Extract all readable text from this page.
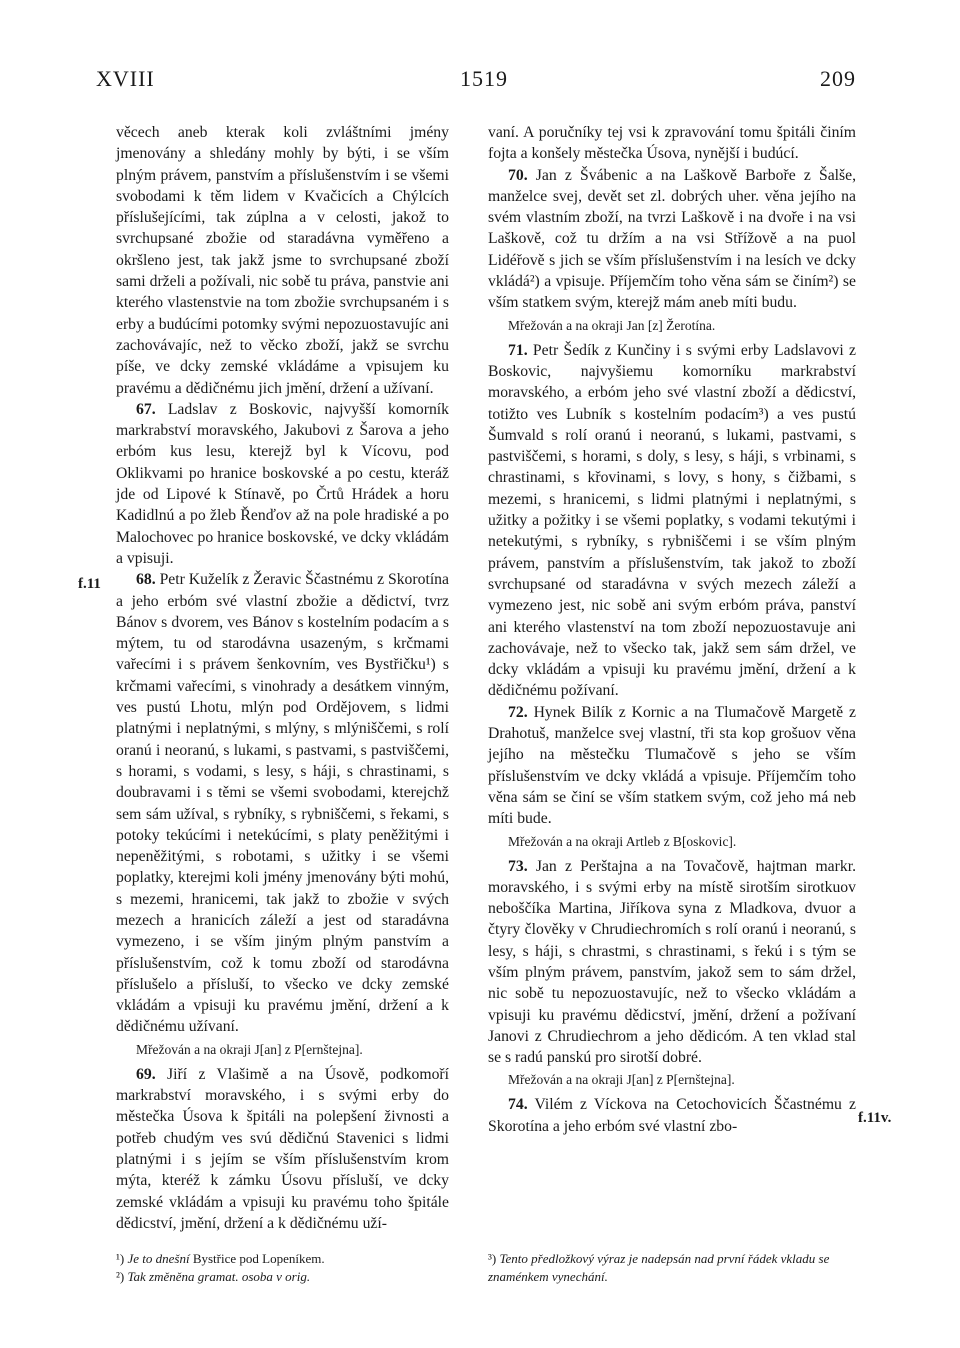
XVIII	1519	209
f.11
f.11v.

věcech aneb kterak koli zvláštními jmény jmenovány a shledány mohly by býti, i se vším plným právem, panstvím a příslušenstvím i se všemi svobodami k těm lidem v Kvačicích a Chýlcích příslušejícími, tak zúplna a v celosti, jakož to svrchupsané zbožie od staradávna vyměřeno a okršleno jest, tak jakž jsme to svrchupsané zboží sami drželi a požívali, nic sobě tu práva, panstvie ani kterého vlastenstvie na tom zbožie svrchupsaném i s erby a budúcími potomky svými nepozuostavujíc ani zachovávajíc, než to věcko zboží, jakž se svrchu píše, ve dcky zemské vkládáme a vpisujem ku pravému a dědičnému jich jmění, držení a užívaní.

67. Ladslav z Boskovic, najvyšší komorník markrabství moravského, Jakubovi z Šarova a jeho erbóm kus lesu, kterejž byl k Vícovu, pod Oklikvami po hranice boskovské a po cestu, kteráž jde od Lipové k Stínavě, po Črtů Hrádek a horu Kadidlnú a po žleb Řenďov až na pole hradiské a po Malochovec po hranice boskovské, ve dcky vkládám a vpisuji.

68. Petr Kuželík z Žeravic Ščastnému z Skorotína a jeho erbóm své vlastní zbožie a dědictví, tvrz Bánov s dvorem, ves Bánov s kostelním podacím a s mýtem, tu od starodávna usazeným, s krčmami vařecími i s právem šenkovním, ves Bystřičku¹) s krčmami vařecími, s vinohrady a desátkem vinným, ves pustú Lhotu, mlýn pod Ordějovem, s lidmi platnými i neplatnými, s mlýny, s mlýniščemi, s rolí oranú i neoranú, s lukami, s pastvami, s pastviščemi, s horami, s vodami, s lesy, s háji, s chrastinami, s doubravami i s těmi se všemi svobodami, kterejchž sem sám užíval, s rybníky, s rybniščemi, s řekami, s potoky tekúcími i netekúcími, s platy peněžitými i nepeněžitými, s robotami, s užitky i se všemi poplatky, kterejmi koli jmény jmenovány býti mohú, s mezemi, hranicemi, tak jakž to zbožie v svých mezech a hranicích záleží a jest od staradávna vymezeno, i se vším jiným plným panstvím a příslušenstvím, což k tomu zboží od starodávna příslušelo a přísluší, to všecko ve dcky zemské vkládám a vpisuji ku pravému jmění, držení a k dědičnému užívaní.

Mřežován a na okraji J[an] z P[ernštejna].

69. Jiří z Vlašimě a na Úsově, podkomoří markrabství moravského, i s svými erby do městečka Úsova k špitáli na polepšení živnosti a potřeb chudým ves svú dědičnú Stavenici s lidmi platnými i s jejím se vším příslušenstvím krom mýta, kteréž k zámku Úsovu přísluší, ve dcky zemské vkládám a vpisuji ku pravému toho špitále dědicství, jmění, držení a k dědičnému uží-

vaní. A poručníky tej vsi k zpravování tomu špitáli činím fojta a konšely městečka Úsova, nynější i budúcí.

70. Jan z Švábenic a na Laškově Barboře z Šalše, manželce svej, devět set zl. dobrých uher. věna jejího na svém vlastním zboží, na tvrzi Laškově i na dvoře i na vsi Laškově, což tu držím a na vsi Střížově a na puol Lidéřově s jich se vším příslušenstvím i na lesích ve dcky vkládá²) a vpisuje. Příjemčím toho věna sám se činím²) se vším statkem svým, kterejž mám aneb míti budu.

Mřežován a na okraji Jan [z] Žerotína.

71. Petr Šedík z Kunčiny i s svými erby Ladslavovi z Boskovic, najvyšiemu komorníku markrabství moravského, a erbóm jeho své vlastní zboží a dědicství, totižto ves Lubník s kostelním podacím³) a ves pustú Šumvald s rolí oranú i neoranú, s lukami, pastvami, s pastviščemi, s horami, s doly, s lesy, s háji, s vrbinami, s chrastinami, s křovinami, s lovy, s hony, s čižbami, s mezemi, s hranicemi, s lidmi platnými i neplatnými, s užitky a požitky i se všemi poplatky, s vodami tekutými i netekutými, s rybníky, s rybniščemi i se vším plným právem, panstvím a příslušenstvím, tak jakož to zboží svrchupsané od staradávna v svých mezech záleží a vymezeno jest, nic sobě ani svým erbóm práva, panství ani kterého vlastenství na tom zboží nepozuostavuje ani zachovávaje, než to všecko tak, jakž sem sám držel, ve dcky vkládám a vpisuji ku pravému jmění, držení a k dědičnému požívaní.

72. Hynek Bilík z Kornic a na Tlumačově Margetě z Drahotuš, manželce svej vlastní, tři sta kop grošuov věna jejího na městečku Tlumačově s jeho se vším příslušenstvím ve dcky vkládá a vpisuje. Příjemčím toho věna sám se činí se vším statkem svým, což jeho má neb míti bude.

Mřežován a na okraji Artleb z B[oskovic].

73. Jan z Perštajna a na Tovačově, hajtman markr. moravského, i s svými erby na místě sirotším sirotkuov neboščíka Martina, Jiříkova syna z Mladkova, dvuor a čtyry člověky v Chrudiechromích s rolí oranú i neoranú, s lesy, s háji, s chrastmi, s chrastinami, s řekú i s tým se vším plným právem, panstvím, jakož sem to sám držel, nic sobě tu nepozuostavujíc, než to všecko vkládám a vpisuji ku pravému dědicství, jmění, držení a požívaní Janovi z Chrudiechrom a jeho dědicóm. A ten vklad stal se s radú panskú pro sirotší dobré.

Mřežován a na okraji J[an] z P[ernštejna].

74. Vilém z Víckova na Cetochovicích Ščastnému z Skorotína a jeho erbóm své vlastní zbo-

¹) Je to dnešní Bystřice pod Lopeníkem.

²) Tak změněna gramat. osoba v orig.

³) Tento předložkový výraz je nadepsán nad první řádek vkladu se znaménkem vynechání.
